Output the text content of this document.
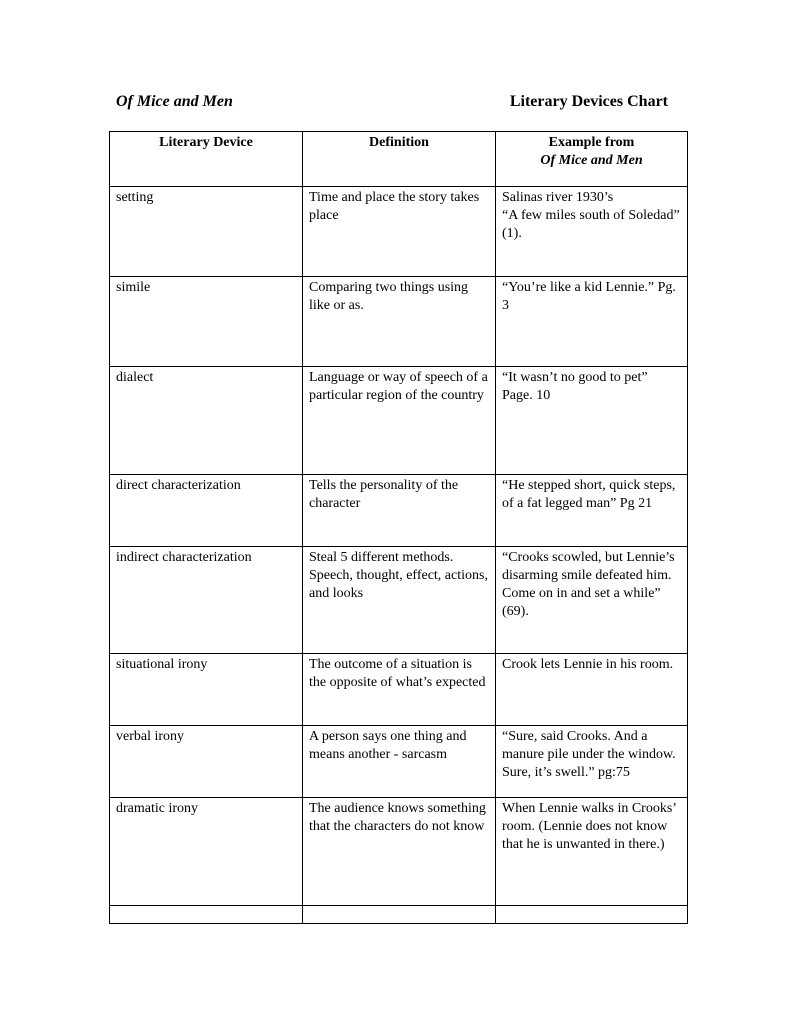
Of Mice and Men	Literary Devices Chart
Literary Device	Definition	Example from
Of Mice and Men

setting	Time and place the story takes place	Salinas river 1930’s
“A few miles south of Soledad” (1).
simile	Comparing two things using like or as.	“You’re like a kid Lennie.” Pg. 3
dialect	Language or way of speech of a particular region of the country	“It wasn’t no good to pet” Page. 10
direct characterization	Tells the personality of the character	“He stepped short, quick steps, of a fat legged man” Pg 21
indirect characterization	Steal 5 different methods. Speech, thought, effect, actions, and looks	“Crooks scowled, but Lennie’s disarming smile defeated him. Come on in and set a while” (69).
situational irony	The outcome of a situation is the opposite of what’s expected	Crook lets Lennie in his room.
verbal irony	A person says one thing and means another - sarcasm	“Sure, said Crooks. And a manure pile under the window. Sure, it’s swell.” pg:75
dramatic irony	The audience knows something that the characters do not know	When Lennie walks in Crooks’ room. (Lennie does not know that he is unwanted in there.)
